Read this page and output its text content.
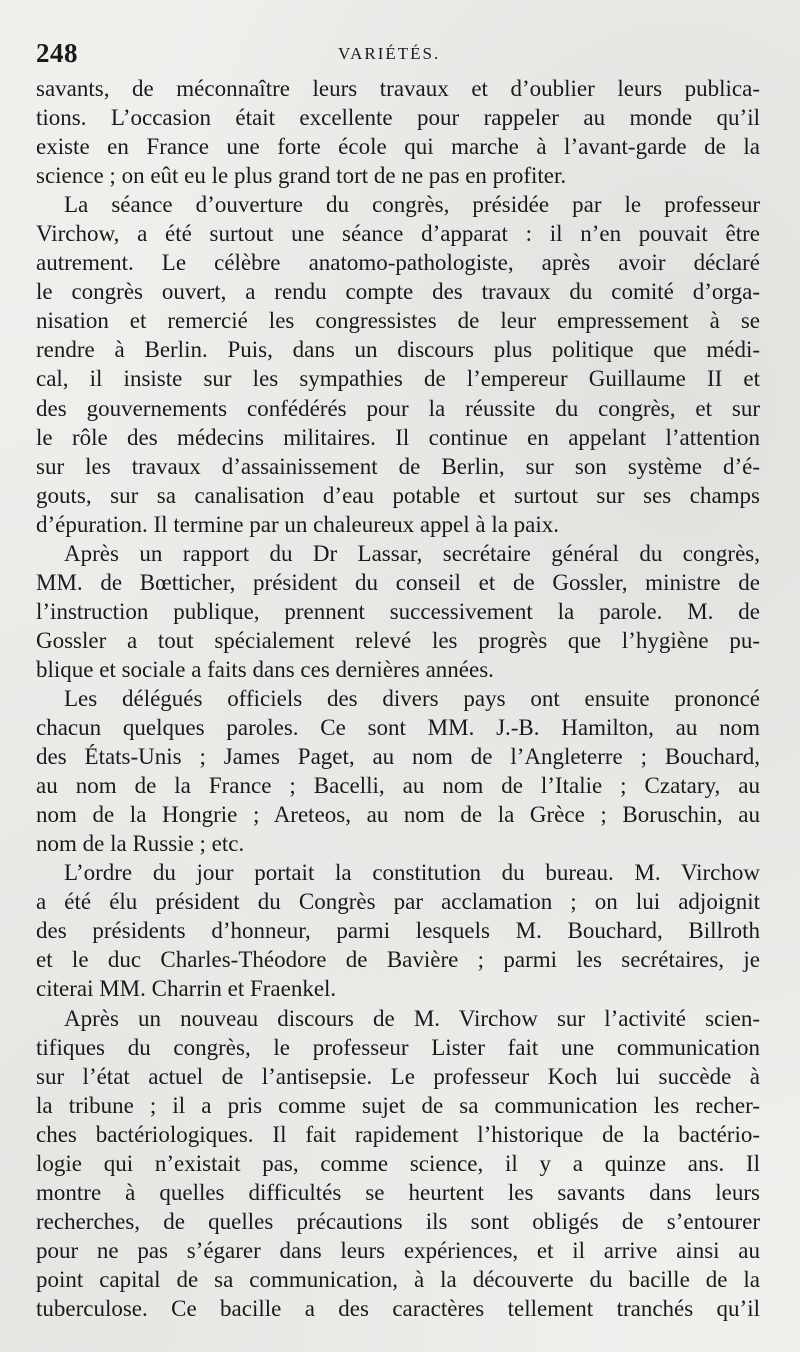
248	VARIÉTÉS.
savants, de méconnaître leurs travaux et d’oublier leurs publica-
tions. L’occasion était excellente pour rappeler au monde qu’il
existe en France une forte école qui marche à l’avant-garde de la
science ; on eût eu le plus grand tort de ne pas en profiter.
La séance d’ouverture du congrès, présidée par le professeur
Virchow, a été surtout une séance d’apparat : il n’en pouvait être
autrement. Le célèbre anatomo-pathologiste, après avoir déclaré
le congrès ouvert, a rendu compte des travaux du comité d’orga-
nisation et remercié les congressistes de leur empressement à se
rendre à Berlin. Puis, dans un discours plus politique que médi-
cal, il insiste sur les sympathies de l’empereur Guillaume II et
des gouvernements confédérés pour la réussite du congrès, et sur
le rôle des médecins militaires. Il continue en appelant l’attention
sur les travaux d’assainissement de Berlin, sur son système d’é-
gouts, sur sa canalisation d’eau potable et surtout sur ses champs
d’épuration. Il termine par un chaleureux appel à la paix.
Après un rapport du Dr Lassar, secrétaire général du congrès,
MM. de Bœtticher, président du conseil et de Gossler, ministre de
l’instruction publique, prennent successivement la parole. M. de
Gossler a tout spécialement relevé les progrès que l’hygiène pu-
blique et sociale a faits dans ces dernières années.
Les délégués officiels des divers pays ont ensuite prononcé
chacun quelques paroles. Ce sont MM. J.-B. Hamilton, au nom
des États-Unis ; James Paget, au nom de l’Angleterre ; Bouchard,
au nom de la France ; Bacelli, au nom de l’Italie ; Czatary, au
nom de la Hongrie ; Areteos, au nom de la Grèce ; Boruschin, au
nom de la Russie ; etc.
L’ordre du jour portait la constitution du bureau. M. Virchow
a été élu président du Congrès par acclamation ; on lui adjoignit
des présidents d’honneur, parmi lesquels M. Bouchard, Billroth
et le duc Charles-Théodore de Bavière ; parmi les secrétaires, je
citerai MM. Charrin et Fraenkel.
Après un nouveau discours de M. Virchow sur l’activité scien-
tifiques du congrès, le professeur Lister fait une communication
sur l’état actuel de l’antisepsie. Le professeur Koch lui succède à
la tribune ; il a pris comme sujet de sa communication les recher-
ches bactériologiques. Il fait rapidement l’historique de la bactério-
logie qui n’existait pas, comme science, il y a quinze ans. Il
montre à quelles difficultés se heurtent les savants dans leurs
recherches, de quelles précautions ils sont obligés de s’entourer
pour ne pas s’égarer dans leurs expériences, et il arrive ainsi au
point capital de sa communication, à la découverte du bacille de la
tuberculose. Ce bacille a des caractères tellement tranchés qu’il
